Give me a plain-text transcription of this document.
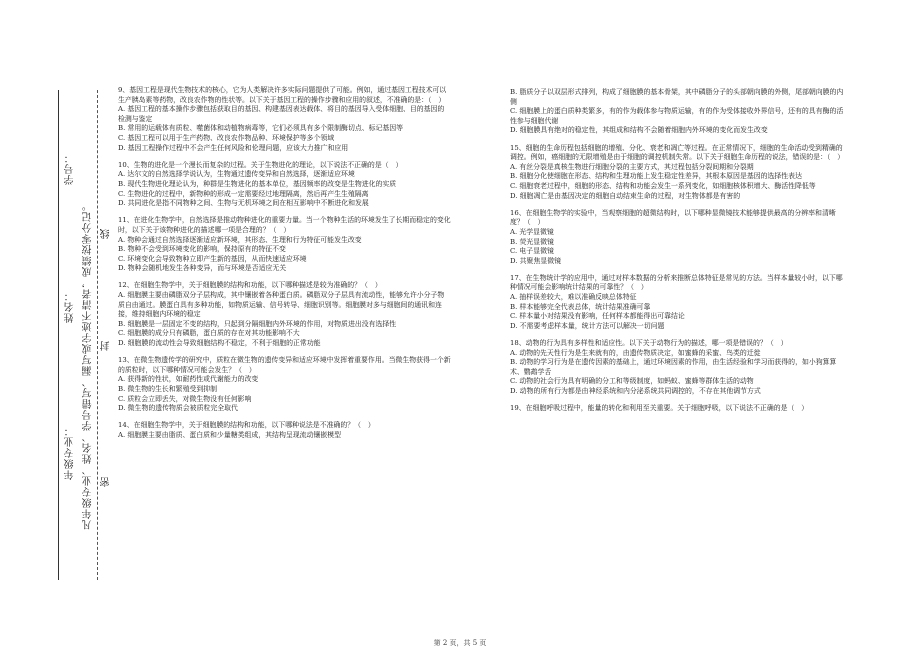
学号：
姓名：
年级专业： 凡年级专业、姓名、学号错写、漏写或字迹不清者，成绩按零分记。 密
封
线

9、基因工程是现代生物技术的核心，它为人类解决许多实际问题提供了可能。例如，通过基因工程技术可以生产胰岛素等药物，改良农作物的性状等。以下关于基因工程的操作步骤和应用的叙述，不准确的是：（　）

A. 基因工程的基本操作步骤包括获取目的基因、构建基因表达载体、将目的基因导入受体细胞、目的基因的检测与鉴定

B. 常用的运载体有质粒、噬菌体和动植物病毒等，它们必须具有多个限制酶切点、标记基因等

C. 基因工程可以用于生产药物、改良农作物品种、环境保护等多个领域

D. 基因工程操作过程中不会产生任何风险和伦理问题，应该大力推广和应用

10、生物的进化是一个漫长而复杂的过程。关于生物进化的理论，以下说法不正确的是（　）

A. 达尔文的自然选择学说认为，生物通过遗传变异和自然选择，逐渐适应环境

B. 现代生物进化理论认为，种群是生物进化的基本单位，基因频率的改变是生物进化的实质

C. 生物进化的过程中，新物种的形成一定需要经过地理隔离，然后再产生生殖隔离

D. 共同进化是指不同物种之间、生物与无机环境之间在相互影响中不断进化和发展

11、在进化生物学中，自然选择是推动物种进化的重要力量。当一个物种生活的环境发生了长期而稳定的变化时，以下关于该物种进化的描述哪一项是合理的？（　）

A. 物种会通过自然选择逐渐适应新环境，其形态、生理和行为特征可能发生改变

B. 物种不会受到环境变化的影响，保持原有的特征不变

C. 环境变化会导致物种立即产生新的基因，从而快速适应环境

D. 物种会随机地发生各种变异，而与环境是否适应无关

12、在细胞生物学中，关于细胞膜的结构和功能，以下哪种描述是较为准确的？（　）

A. 细胞膜主要由磷脂双分子层构成，其中镶嵌着各种蛋白质。磷脂双分子层具有流动性，能够允许小分子物质自由通过。膜蛋白具有多种功能，如物质运输、信号转导、细胞识别等。细胞膜对多与细胞间的通讯和连接，维持细胞内环境的稳定

B. 细胞膜是一层固定不变的结构，只起到分隔细胞内外环境的作用，对物质进出没有选择性

C. 细胞膜的成分只有磷脂，蛋白质的存在对其功能影响不大

D. 细胞膜的流动性会导致细胞结构不稳定，不利于细胞的正常功能

13、在微生物遗传学的研究中，质粒在微生物的遗传变异和适应环境中发挥着重要作用。当微生物获得一个新的质粒时，以下哪种情况可能会发生？（　）

A. 获得新的性状，如耐药性或代谢能力的改变

B. 微生物的生长和繁殖受到抑制

C. 质粒会立即丢失，对微生物没有任何影响

D. 微生物的遗传物质会被质粒完全取代

14、在细胞生物学中，关于细胞膜的结构和功能，以下哪种说法是不准确的？（　）

A. 细胞膜主要由脂质、蛋白质和少量糖类组成，其结构呈现流动镶嵌模型

B. 脂质分子以双层形式排列，构成了细胞膜的基本骨架，其中磷脂分子的头部朝向膜的外侧，尾部朝向膜的内侧

C. 细胞膜上的蛋白质种类繁多，有的作为载体参与物质运输，有的作为受体接收外界信号，还有的具有酶的活性参与细胞代谢

D. 细胞膜具有绝对的稳定性，其组成和结构不会随着细胞内外环境的变化而发生改变

15、细胞的生命历程包括细胞的增殖、分化、衰老和凋亡等过程。在正常情况下，细胞的生命活动受到精确的调控。例如，癌细胞的无限增殖是由于细胞的调控机制失常。以下关于细胞生命历程的说法，错误的是：（　）

A. 有丝分裂是真核生物进行细胞分裂的主要方式，其过程包括分裂间期和分裂期

B. 细胞分化使细胞在形态、结构和生理功能上发生稳定性差异，其根本原因是基因的选择性表达

C. 细胞衰老过程中，细胞的形态、结构和功能会发生一系列变化，如细胞核体积增大、酶活性降低等

D. 细胞凋亡是由基因决定的细胞自动结束生命的过程，对生物体都是有害的

16、在细胞生物学的实验中，当观察细胞的超微结构时，以下哪种显微镜技术能够提供最高的分辨率和清晰度？（　）

A. 光学显微镜

B. 荧光显微镜

C. 电子显微镜

D. 共聚焦显微镜

17、在生物统计学的应用中，通过对样本数据的分析来推断总体特征是常见的方法。当样本量较小时，以下哪种情况可能会影响统计结果的可靠性？（　）

A. 抽样误差较大，难以准确反映总体特征

B. 样本能够完全代表总体，统计结果准确可靠

C. 样本量小对结果没有影响，任何样本都能得出可靠结论

D. 不需要考虑样本量，统计方法可以解决一切问题

18、动物的行为具有多样性和适应性。以下关于动物行为的描述，哪一项是错误的？（　）

A. 动物的先天性行为是生来就有的，由遗传物质决定，如蜜蜂的采蜜、鸟类的迁徙

B. 动物的学习行为是在遗传因素的基础上，通过环境因素的作用，由生活经验和学习而获得的，如小狗算算术、鹦鹉学舌

C. 动物的社会行为具有明确的分工和等级制度，如蚂蚁、蜜蜂等群体生活的动物

D. 动物的所有行为都是由神经系统和内分泌系统共同调控的，不存在其他调节方式

19、在细胞呼吸过程中，能量的转化和利用至关重要。关于细胞呼吸，以下说法不正确的是（　）

第 2 页，共 5 页
